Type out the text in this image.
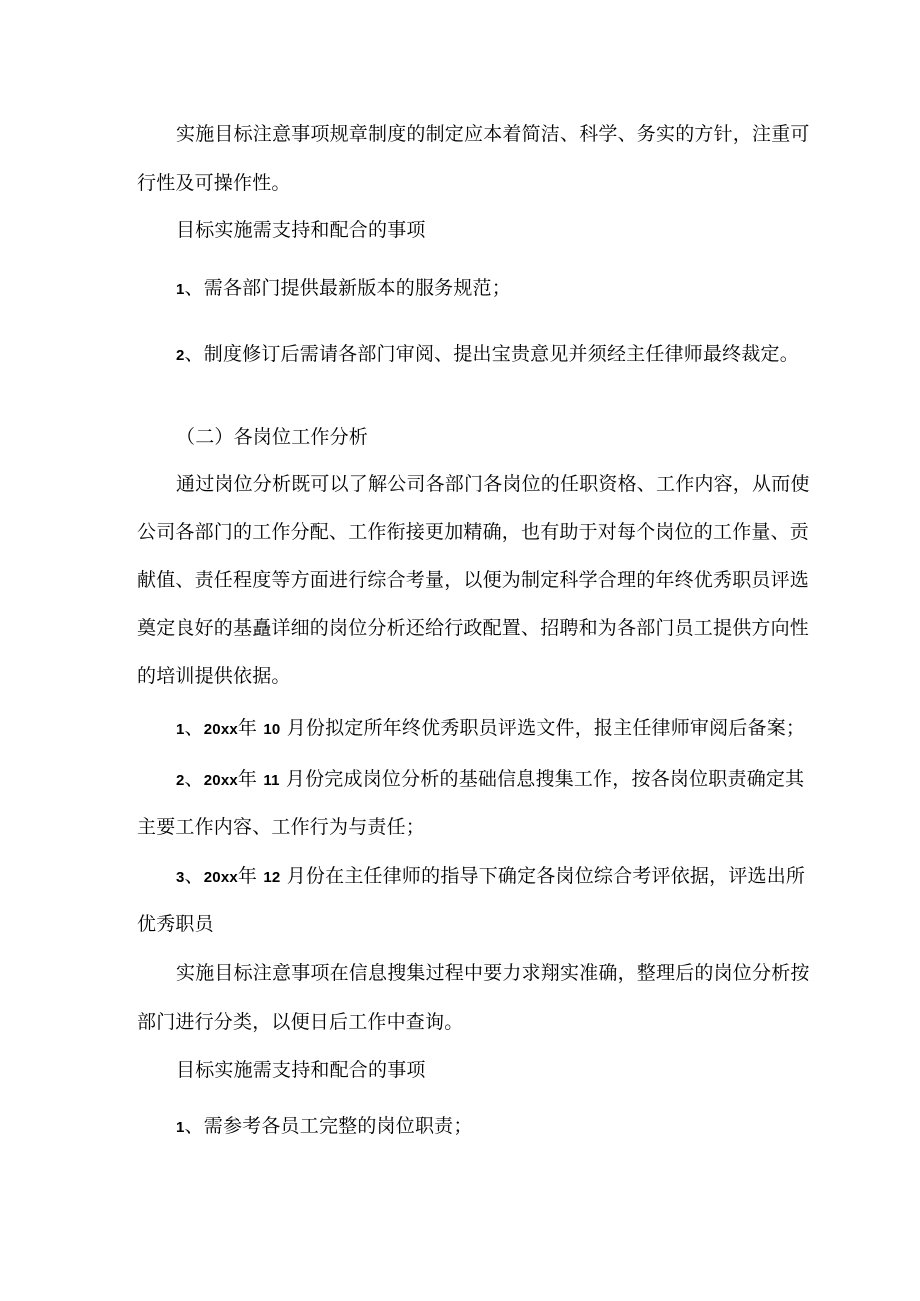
实施目标注意事项规章制度的制定应本着简洁、科学、务实的方针，注重可
行性及可操作性。
目标实施需支持和配合的事项
1、需各部门提供最新版本的服务规范；
2、制度修订后需请各部门审阅、提出宝贵意见并须经主任律师最终裁定。
（二）各岗位工作分析
通过岗位分析既可以了解公司各部门各岗位的任职资格、工作内容，从而使
公司各部门的工作分配、工作衔接更加精确，也有助于对每个岗位的工作量、贡
献值、责任程度等方面进行综合考量，以便为制定科学合理的年终优秀职员评选
奠定良好的基矗详细的岗位分析还给行政配置、招聘和为各部门员工提供方向性
的培训提供依据。
1、20xx年 10 月份拟定所年终优秀职员评选文件，报主任律师审阅后备案；
2、20xx年 11 月份完成岗位分析的基础信息搜集工作，按各岗位职责确定其
主要工作内容、工作行为与责任；
3、20xx年 12 月份在主任律师的指导下确定各岗位综合考评依据，评选出所
优秀职员
实施目标注意事项在信息搜集过程中要力求翔实准确，整理后的岗位分析按
部门进行分类，以便日后工作中查询。
目标实施需支持和配合的事项
1、需参考各员工完整的岗位职责；
